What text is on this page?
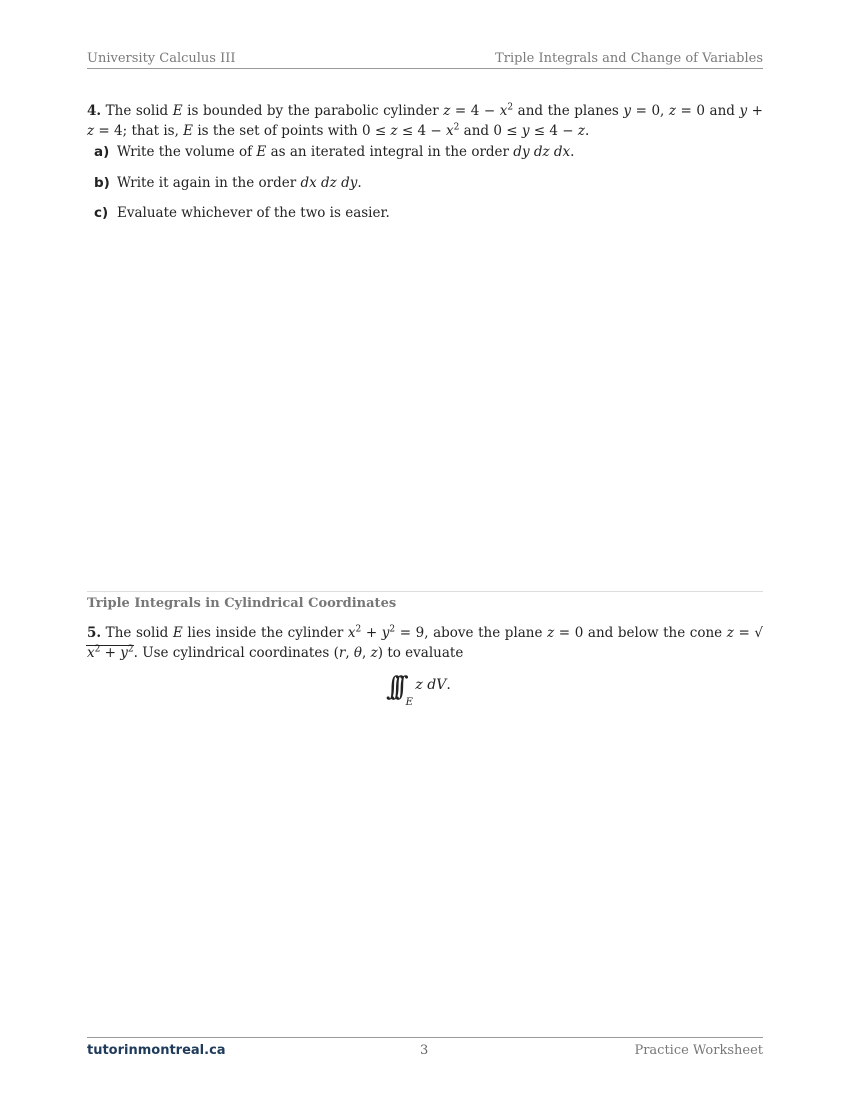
University Calculus III	Triple Integrals and Change of Variables
4. The solid E is bounded by the parabolic cylinder $z = 4 - x^2$ and the planes y = 0, z = 0 and y + z = 4; that is, E is the set of points with $0 \le z \le 4 - x^2$ and 0 ≤ y ≤ 4 − z.
a) Write the volume of E as an iterated integral in the order dy dz dx.
b) Write it again in the order dx dz dy.
c) Evaluate whichever of the two is easier.
Triple Integrals in Cylindrical Coordinates
5. The solid E lies inside the cylinder $x^2 + y^2 = 9$, above the plane z = 0 and below the cone $z = √x^2 + y^2$. Use cylindrical coordinates (r, θ, z) to evaluate
$\int\int\int_E$ z dV.
tutorinmontreal.ca	3	Practice Worksheet
